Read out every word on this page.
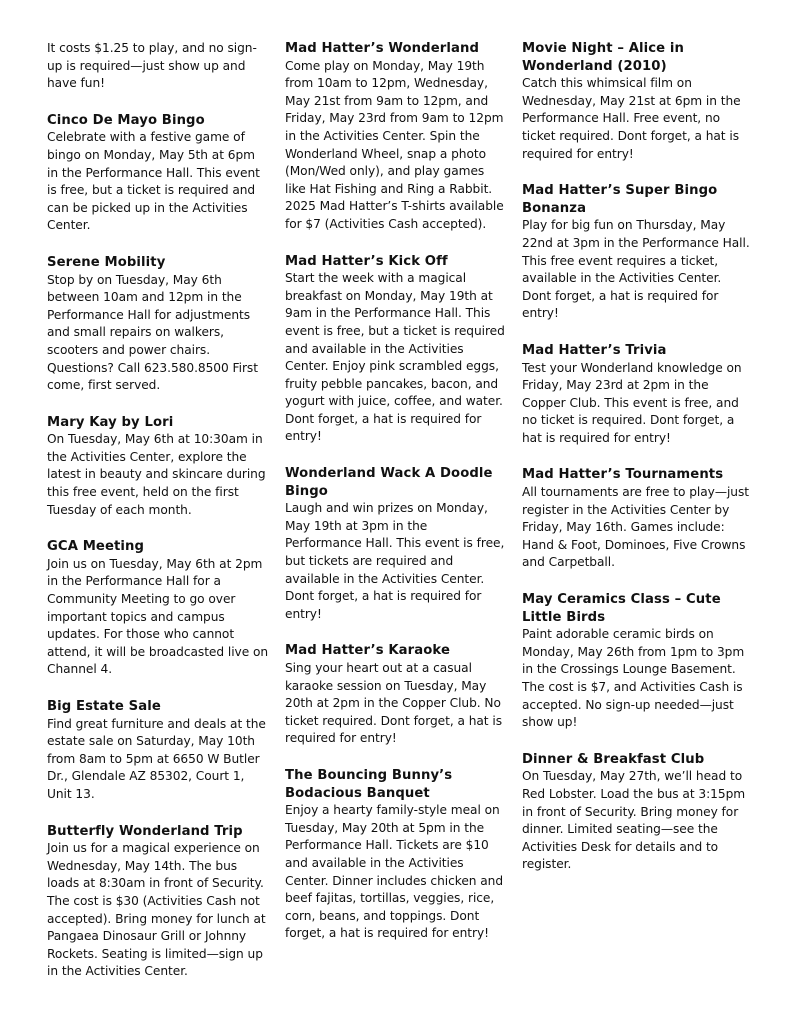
It costs $1.25 to play, and no sign-up is required—just show up and have fun!

Cinco De Mayo Bingo

Celebrate with a festive game of bingo on Monday, May 5th at 6pm in the Performance Hall. This event is free, but a ticket is required and can be picked up in the Activities Center.

Serene Mobility

Stop by on Tuesday, May 6th between 10am and 12pm in the Performance Hall for adjustments and small repairs on walkers, scooters and power chairs. Questions? Call 623.580.8500 First come, first served.

Mary Kay by Lori

On Tuesday, May 6th at 10:30am in the Activities Center, explore the latest in beauty and skincare during this free event, held on the first Tuesday of each month.

GCA Meeting

Join us on Tuesday, May 6th at 2pm in the Performance Hall for a Community Meeting to go over important topics and campus updates. For those who cannot attend, it will be broadcasted live on Channel 4.

Big Estate Sale

Find great furniture and deals at the estate sale on Saturday, May 10th from 8am to 5pm at 6650 W Butler Dr., Glendale AZ 85302, Court 1, Unit 13.

Butterfly Wonderland Trip

Join us for a magical experience on Wednesday, May 14th. The bus loads at 8:30am in front of Security. The cost is $30 (Activities Cash not accepted). Bring money for lunch at Pangaea Dinosaur Grill or Johnny Rockets. Seating is limited—sign up in the Activities Center.

Mad Hatter’s Wonderland

Come play on Monday, May 19th from 10am to 12pm, Wednesday, May 21st from 9am to 12pm, and Friday, May 23rd from 9am to 12pm in the Activities Center. Spin the Wonderland Wheel, snap a photo (Mon/Wed only), and play games like Hat Fishing and Ring a Rabbit. 2025 Mad Hatter’s T-shirts available for $7 (Activities Cash accepted).

Mad Hatter’s Kick Off

Start the week with a magical breakfast on Monday, May 19th at 9am in the Performance Hall. This event is free, but a ticket is required and available in the Activities Center. Enjoy pink scrambled eggs, fruity pebble pancakes, bacon, and yogurt with juice, coffee, and water. Dont forget, a hat is required for entry!

Wonderland Wack A Doodle Bingo

Laugh and win prizes on Monday, May 19th at 3pm in the Performance Hall. This event is free, but tickets are required and available in the Activities Center. Dont forget, a hat is required for entry!

Mad Hatter’s Karaoke

Sing your heart out at a casual karaoke session on Tuesday, May 20th at 2pm in the Copper Club. No ticket required. Dont forget, a hat is required for entry!

The Bouncing Bunny’s Bodacious Banquet

Enjoy a hearty family-style meal on Tuesday, May 20th at 5pm in the Performance Hall. Tickets are $10 and available in the Activities Center. Dinner includes chicken and beef fajitas, tortillas, veggies, rice, corn, beans, and toppings. Dont forget, a hat is required for entry!

Movie Night – Alice in Wonderland (2010)

Catch this whimsical film on Wednesday, May 21st at 6pm in the Performance Hall. Free event, no ticket required. Dont forget, a hat is required for entry!

Mad Hatter’s Super Bingo Bonanza

Play for big fun on Thursday, May 22nd at 3pm in the Performance Hall. This free event requires a ticket, available in the Activities Center. Dont forget, a hat is required for entry!

Mad Hatter’s Trivia

Test your Wonderland knowledge on Friday, May 23rd at 2pm in the Copper Club. This event is free, and no ticket is required. Dont forget, a hat is required for entry!

Mad Hatter’s Tournaments

All tournaments are free to play—just register in the Activities Center by Friday, May 16th. Games include: Hand & Foot, Dominoes, Five Crowns and Carpetball.

May Ceramics Class – Cute Little Birds

Paint adorable ceramic birds on Monday, May 26th from 1pm to 3pm in the Crossings Lounge Basement. The cost is $7, and Activities Cash is accepted. No sign-up needed—just show up!

Dinner & Breakfast Club

On Tuesday, May 27th, we’ll head to Red Lobster. Load the bus at 3:15pm in front of Security. Bring money for dinner. Limited seating—see the Activities Desk for details and to register.
